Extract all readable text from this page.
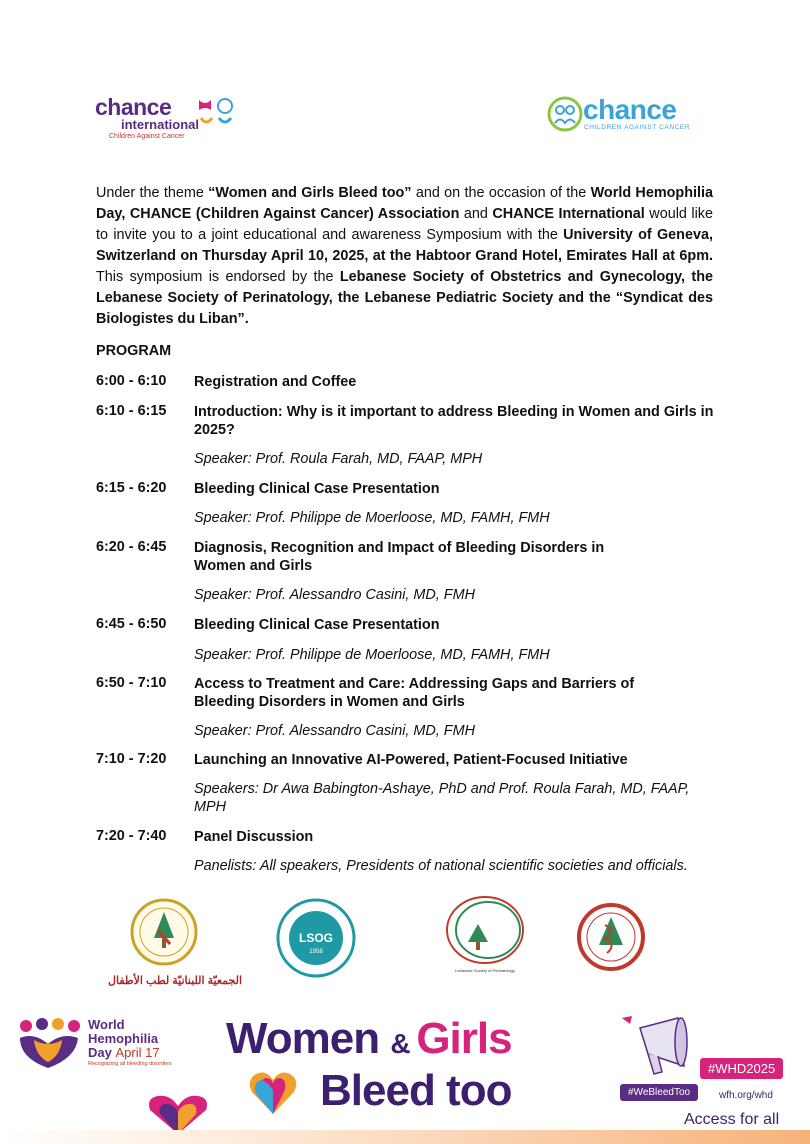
chance
international
Children Against Cancer
chance
CHILDREN AGAINST CANCER
Under the theme “Women and Girls Bleed too” and on the occasion of the World Hemophilia Day, CHANCE (Children Against Cancer) Association and CHANCE International would like to invite you to a joint educational and awareness Symposium with the University of Geneva, Switzerland on Thursday April 10, 2025, at the Habtoor Grand Hotel, Emirates Hall at 6pm. This symposium is endorsed by the Lebanese Society of Obstetrics and Gynecology, the Lebanese Society of Perinatology, the Lebanese Pediatric Society and the “Syndicat des Biologistes du Liban”.
PROGRAM
6:00 - 6:10 Registration and Coffee
6:10 - 6:15 Introduction: Why is it important to address Bleeding in Women and Girls in 2025?
Speaker: Prof. Roula Farah, MD, FAAP, MPH
6:15 - 6:20 Bleeding Clinical Case Presentation
Speaker: Prof. Philippe de Moerloose, MD, FAMH, FMH
6:20 - 6:45 Diagnosis, Recognition and Impact of Bleeding Disorders in Women and Girls
Speaker: Prof. Alessandro Casini, MD, FMH
6:45 - 6:50 Bleeding Clinical Case Presentation
Speaker: Prof. Philippe de Moerloose, MD, FAMH, FMH
6:50 - 7:10 Access to Treatment and Care: Addressing Gaps and Barriers of Bleeding Disorders in Women and Girls
Speaker: Prof. Alessandro Casini, MD, FMH
7:10 - 7:20 Launching an Innovative AI-Powered, Patient-Focused Initiative
Speakers: Dr Awa Babington-Ashaye, PhD and Prof. Roula Farah, MD, FAAP, MPH
7:20 - 7:40 Panel Discussion
Panelists: All speakers, Presidents of national scientific societies and officials.
الجمعيّة اللبنانيّة لطب الأطفال
LSOG
1958
Lebanese Society of Perinatology
World
Hemophilia
Day April 17
Recognizing all bleeding disorders
Women & Girls
Bleed too	#WHD2025
#WeBleedToo	wfh.org/whd
Access for all
